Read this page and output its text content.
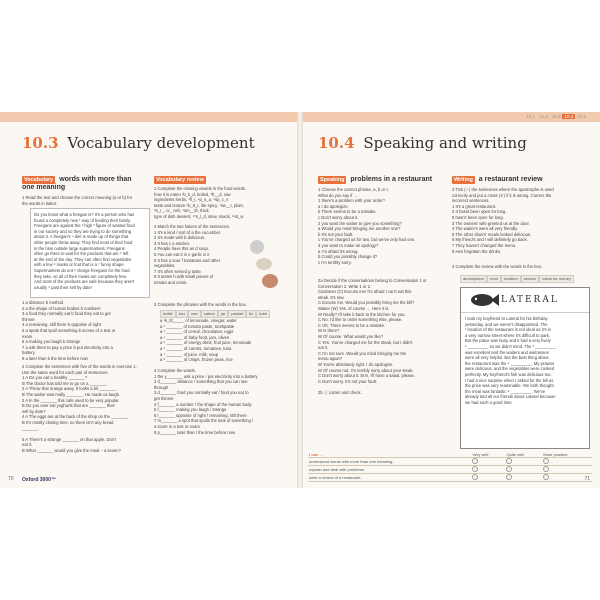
10.3 Vocabulary development
Vocabulary words with more than
one meaning
1 Read the text and choose the correct meaning (a or b) for
the words in italics.
Do you know what a freegan is? It's a person who has
found a completely new ¹ way of feeding their family.
Freegans are against the ² high ³ figure of wasted food
in our society and so they are trying to do something
about it. A freegan's ⁴ diet is made up of things that
other people throw away. They find most of their food
in the bins outside large supermarkets. Freegans
often go there to wait for the products that are ⁵ left
at the end of the day. They can often find vegetables
with a few ⁶ marks or fruit that is a ⁷ funny shape.
Supermarkets do not ⁸ charge freegans for the food
they take, so all of their meals are completely free.
And most of the products are safe because they aren't
usually ⁹ past their sell by date!
1 a distance b method
2 a the shape of human bodies b numbers
3 a food they normally eat b food they eat to get
thinner
4 a remaining, still there b opposite of right
5 a spots that spoil something b scores of a test or
exam
6 a making you laugh b strange
7 a ask them to pay a price b put electricity into a
battery
8 a later than b the time before now
2 Complete the sentences with five of the words in exercise 1.
Use the same word for each pair of sentences.
1 A Do you eat a healthy _______?
B The doctor has told me to go on a _______.
2 A Throw that orange away. It looks a bit _______.
B The waiter was really _______. He made us laugh.
3 A In the _______ this cafe used to be very popular.
B Do you ever eat yoghurts that are _______ their
sell by date?
4 A The eggs are at the back of the shop on the _______.
B It's mostly closing time, so there isn't any bread
_______.
5 A There's a strange _______ on that apple. Don't
eat it.
B What _______ would you give the meal – a seven?
Vocabulary review
1 Complete the missing vowels in the food words.
how it is eaten ¹b_k_d, boiled, ²fr__d, raw
ingredients herbs, ³fl_r, ⁴p_s_a, ⁵sp_c_s
taste and texture ⁶b_tt_r, lite·spicy, ⁷sw__t, plain,
⁸s_r_, cr_ nsh, ⁹sm__th, thick
type of dish dessert, ¹⁰s_l_d, stew, snack, ¹¹st_w
2 Match the two halves of the sentences.
1 It's a kind / sort of a the cucumber.
2 It's made with b delicious.
3 It has c a stocker.
4 People have this as d soup.
5 You can eat it in e garlic in it
6 It has a sour f tomatoes and other
vegetables.
7 It's often served g taste.
8 It tastes h with small pieces of
tomato and onion.
3 Complete the phrases with the words in the box.
bottle	box	can	carton	jar	packet	tin	tube
a ¹k_ttl_____ of lemonade, vinegar, water
a ² _______ of tomato paste, toothpaste
a ³ _______ of cereal, chocolates, eggs
a ⁴ _______ of baby food, jam, olives
a ⁵ _______ of energy drink, fruit juice, lemonade
a ⁶ _______ of carrots, tomatoes, tuna
a ⁷ _______ of juice, milk, soup
a ⁸ _______ of crisps, frozen peas, rice
4 Complete the words.
1 the y_______ ask a price / put electricity into a battery
2 d_______ distance / something that you can see
through
3 d_______ food you normally eat / food you eat to
get thinner
4 f_______ a number / the shape of the human body
5 f_______ making you laugh / strange
6 l_______ opposite of right / remaining, still there
7 m_______ a spot that spoils the look of something /
a score in a test or exam
8 p_______ later than / the time before now
70 Oxford 3000™
10.1 10.2 10.3 10.4 10.5
10.4 Speaking and writing
Speaking problems in a restaurant
1 Choose the correct phrase, a, b or c.
What do you say if …
1 there's a problem with your order?
a I do apologize.
b There seems to be a mistake.
c Don't worry about it.
2 you want the waiter to give you something?
a Would you mind bringing me another one?
b It's not your fault.
c You've charged us for two, but we've only had one.
3 you want to make an apology?
a I'm afraid it's wrong.
b Could you possibly change it?
c I'm terribly sorry.
2a Decide if the conversations belong to Conversation 1 or
Conversation 2. Write 1 or 2.
Customer (C) Excuse me! I'm afraid I can't eat this
steak. It's raw.
C Excuse me. Would you possibly bring me the bill?
Waiter (W) Yes, of course … Here it is.
W Really? I'll take it back to the kitchen for you.
C No, I'd like to order something else, please.
C Oh. There seems to be a mistake.
W Is there?
W Of course. What would you like?
C Yes. You've charged me for the steak, but I didn't
eat it.
C I'm not sure. Would you mind bringing me the
menu again?
W You're absolutely right. I do apologize.
W Of course not. I'm terribly sorry about your steak.
C Don't worry about it. Erm, I'll have a salad, please.
C Don't worry. It's not your fault.
2b ⓘ Listen and check.
Writing a restaurant review
3 Tick (✓) the sentences where the apostrophe is used
correctly and put a cross (✗) if it is wrong. Correct the
incorrect sentences.
1 It's a great restaurant.
2 It hasnt been open for long.
It hasn't been open for long.
3 The owners' wife greeted us at the door.
4 The waiter's were all very friendly.
5 The other diners' meals looked delicious.
6 My friend's and I will definitely go back.
7 They haven't changed the menu.
8 Hes forgotten the drinks.
4 Complete the review with the words in the box.
atmosphere	food	location	service	value for money
LATERAL
I took my boyfriend to Lateral for his birthday
yesterday, and we weren't disappointed. The
¹ location of the restaurant is not ideal as it's in
a very narrow street where it's difficult to park.
But the place was busy and it had a very lively
² _________ so we didn't mind. The ³ _________
was excellent and the waiters and waitresses
were all very helpful. But the best thing about
the restaurant was the ⁴ _________. My prawns
were delicious, and the vegetables were cooked
perfectly. My boyfriend's fish was delicious too.
I had a nice surprise when I asked for the bill as
the price was very reasonable. We both thought
the meal was fantastic ⁵ _________. We've
already told all our friends about Lateral because
we had such a good time.
I can …	Very well	Quite well	More practice
understand words with more than one meaning.			
explain and deal with problems.			
write a review of a restaurant.				71
